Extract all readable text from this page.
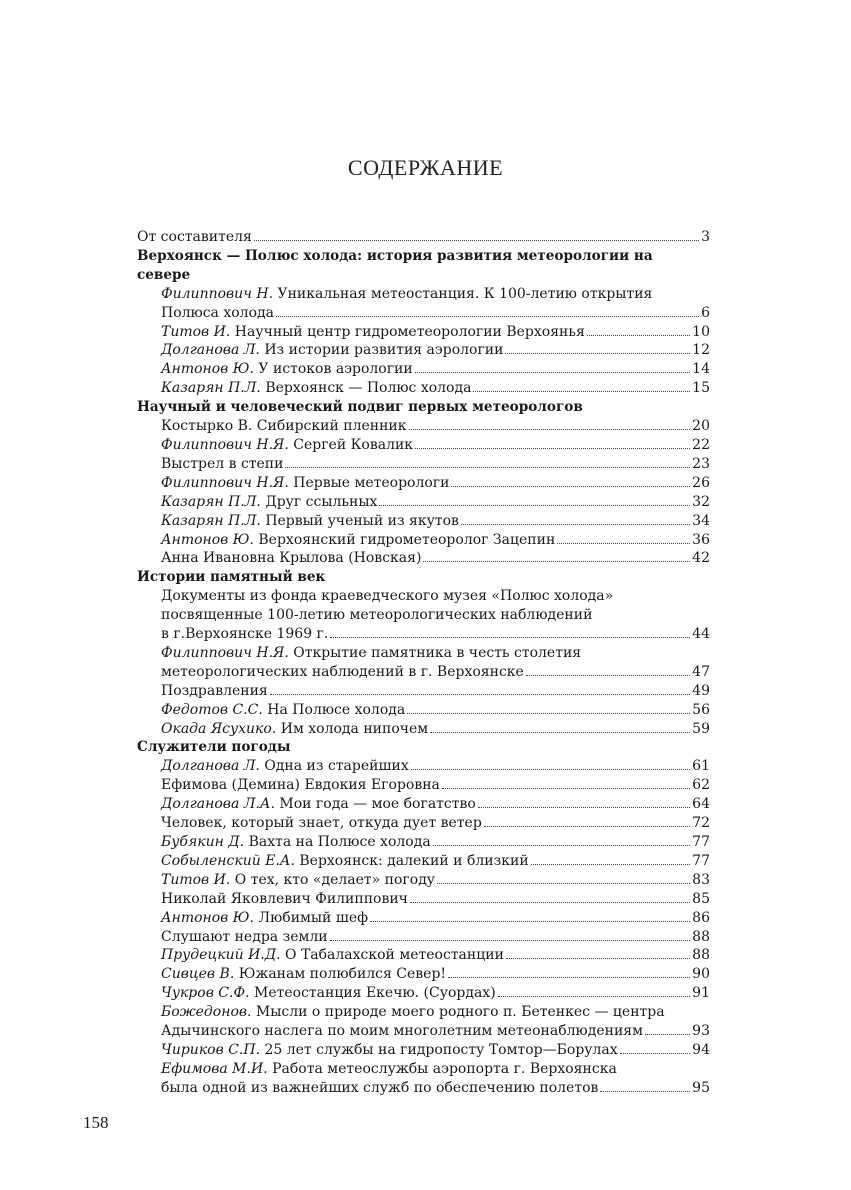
СОДЕРЖАНИЕ
От составителя	3
Верхоянск — Полюс холода: история развития метеорологии на севере
Филиппович Н. Уникальная метеостанция. К 100-летию открытия
Полюса холода	6
Титов И. Научный центр гидрометеорологии Верхоянья	10
Долганова Л. Из истории развития аэрологии	12
Антонов Ю. У истоков аэрологии	14
Казарян П.Л. Верхоянск — Полюс холода	15
Научный и человеческий подвиг первых метеорологов
Костырко В. Сибирский пленник	20
Филиппович Н.Я. Сергей Ковалик	22
Выстрел в степи	23
Филиппович Н.Я. Первые метеорологи	26
Казарян П.Л. Друг ссыльных	32
Казарян П.Л. Первый ученый из якутов	34
Антонов Ю. Верхоянский гидрометеоролог Зацепин	36
Анна Ивановна Крылова (Новская)	42
Истории памятный век
Документы из фонда краеведческого музея «Полюс холода»
посвященные 100-летию метеорологических наблюдений
в г.Верхоянске 1969 г.	44
Филиппович Н.Я. Открытие памятника в честь столетия
метеорологических наблюдений в г. Верхоянске	47
Поздравления	49
Федотов С.С. На Полюсе холода	56
Окада Ясухико. Им холода нипочем	59
Служители погоды
Долганова Л. Одна из старейших	61
Ефимова (Демина) Евдокия Егоровна	62
Долганова Л.А. Мои года — мое богатство	64
Человек, который знает, откуда дует ветер	72
Бубякин Д. Вахта на Полюсе холода	77
Собыленский Е.А. Верхоянск: далекий и близкий	77
Титов И. О тех, кто «делает» погоду	83
Николай Яковлевич Филиппович	85
Антонов Ю. Любимый шеф	86
Слушают недра земли	88
Прудецкий И.Д. О Табалахской метеостанции	88
Сивцев В. Южанам полюбился Север!	90
Чукров С.Ф. Метеостанция Екечю. (Суордах)	91
Божедонов. Мысли о природе моего родного п. Бетенкес — центра
Адычинского наслега по моим многолетним метеонаблюдениям	93
Чириков С.П. 25 лет службы на гидропосту Томтор—Борулах	94
Ефимова М.И. Работа метеослужбы аэропорта г. Верхоянска
была одной из важнейших служб по обеспечению полетов	95
158
